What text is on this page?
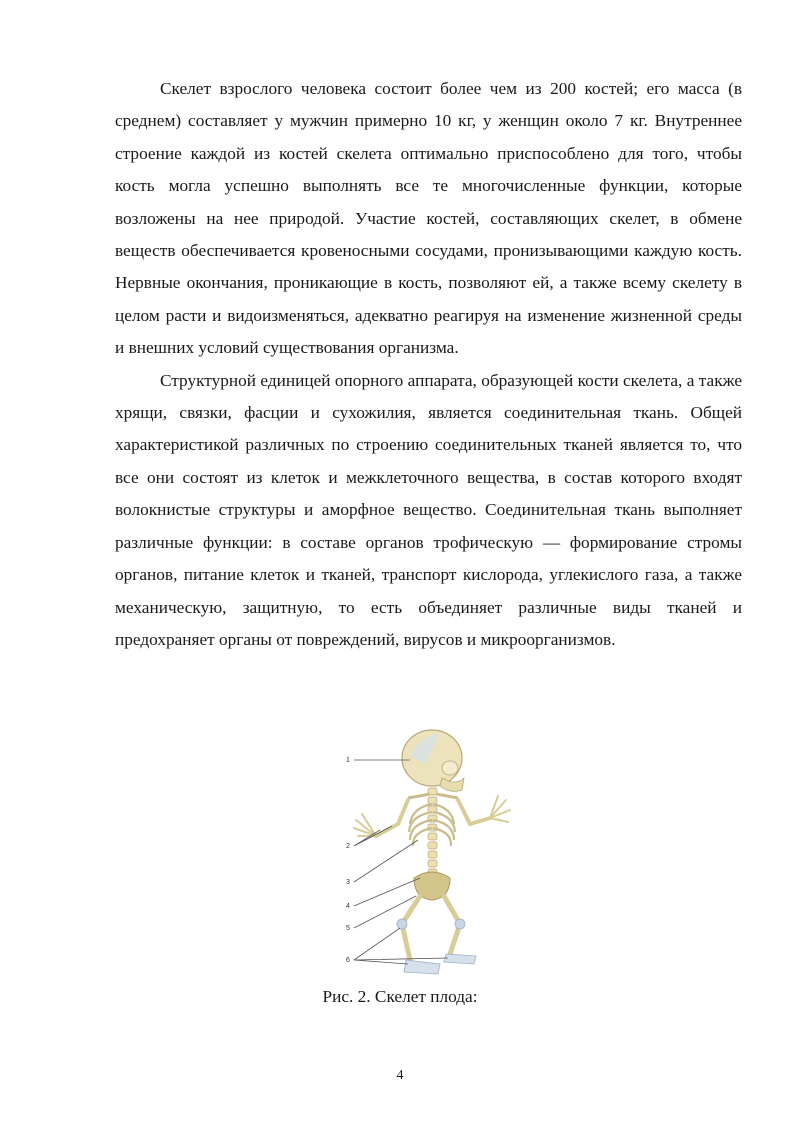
Скелет взрослого человека состоит более чем из 200 костей; его масса (в среднем) составляет у мужчин примерно 10 кг, у женщин около 7 кг. Внутреннее строение каждой из костей скелета оптимально приспособлено для того, чтобы кость могла успешно выполнять все те многочисленные функции, которые возложены на нее природой. Участие костей, составляющих скелет, в обмене веществ обеспечивается кровеносными сосудами, пронизывающими каждую кость. Нервные окончания, проникающие в кость, позволяют ей, а также всему скелету в целом расти и видоизменяться, адекватно реагируя на изменение жизненной среды и внешних условий существования организма.

Структурной единицей опорного аппарата, образующей кости скелета, а также хрящи, связки, фасции и сухожилия, является соединительная ткань. Общей характеристикой различных по строению соединительных тканей является то, что все они состоят из клеток и межклеточного вещества, в состав которого входят волокнистые структуры и аморфное вещество. Соединительная ткань выполняет различные функции: в составе органов трофическую — формирование стромы органов, питание клеток и тканей, транспорт кислорода, углекислого газа, а также механическую, защитную, то есть объединяет различные виды тканей и предохраняет органы от повреждений, вирусов и микроорганизмов.

1
2
3
4
5
6

Рис. 2. Скелет плода:

4
